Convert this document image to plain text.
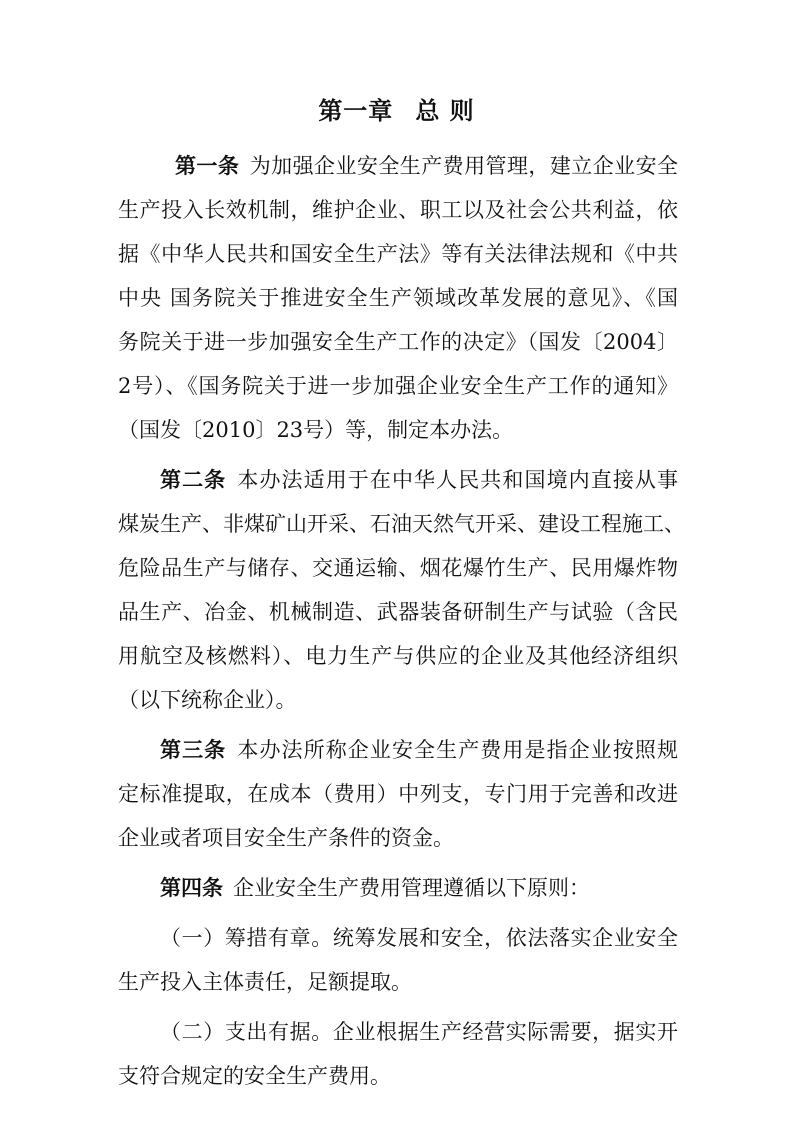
第一章 总 则
第一条 为加强企业安全生产费用管理，建立企业安全
生产投入长效机制，维护企业、职工以及社会公共利益，依
据《中华人民共和国安全生产法》等有关法律法规和《中共
中央 国务院关于推进安全生产领域改革发展的意见》、《国
务院关于进一步加强安全生产工作的决定》（国发〔2004〕
2号）、《国务院关于进一步加强企业安全生产工作的通知》
（国发〔2010〕23号）等，制定本办法。
第二条 本办法适用于在中华人民共和国境内直接从事
煤炭生产、非煤矿山开采、石油天然气开采、建设工程施工、
危险品生产与储存、交通运输、烟花爆竹生产、民用爆炸物
品生产、冶金、机械制造、武器装备研制生产与试验（含民
用航空及核燃料）、电力生产与供应的企业及其他经济组织
（以下统称企业）。
第三条 本办法所称企业安全生产费用是指企业按照规
定标准提取，在成本（费用）中列支，专门用于完善和改进
企业或者项目安全生产条件的资金。
第四条 企业安全生产费用管理遵循以下原则：
（一）筹措有章。统筹发展和安全，依法落实企业安全
生产投入主体责任，足额提取。
（二）支出有据。企业根据生产经营实际需要，据实开
支符合规定的安全生产费用。
